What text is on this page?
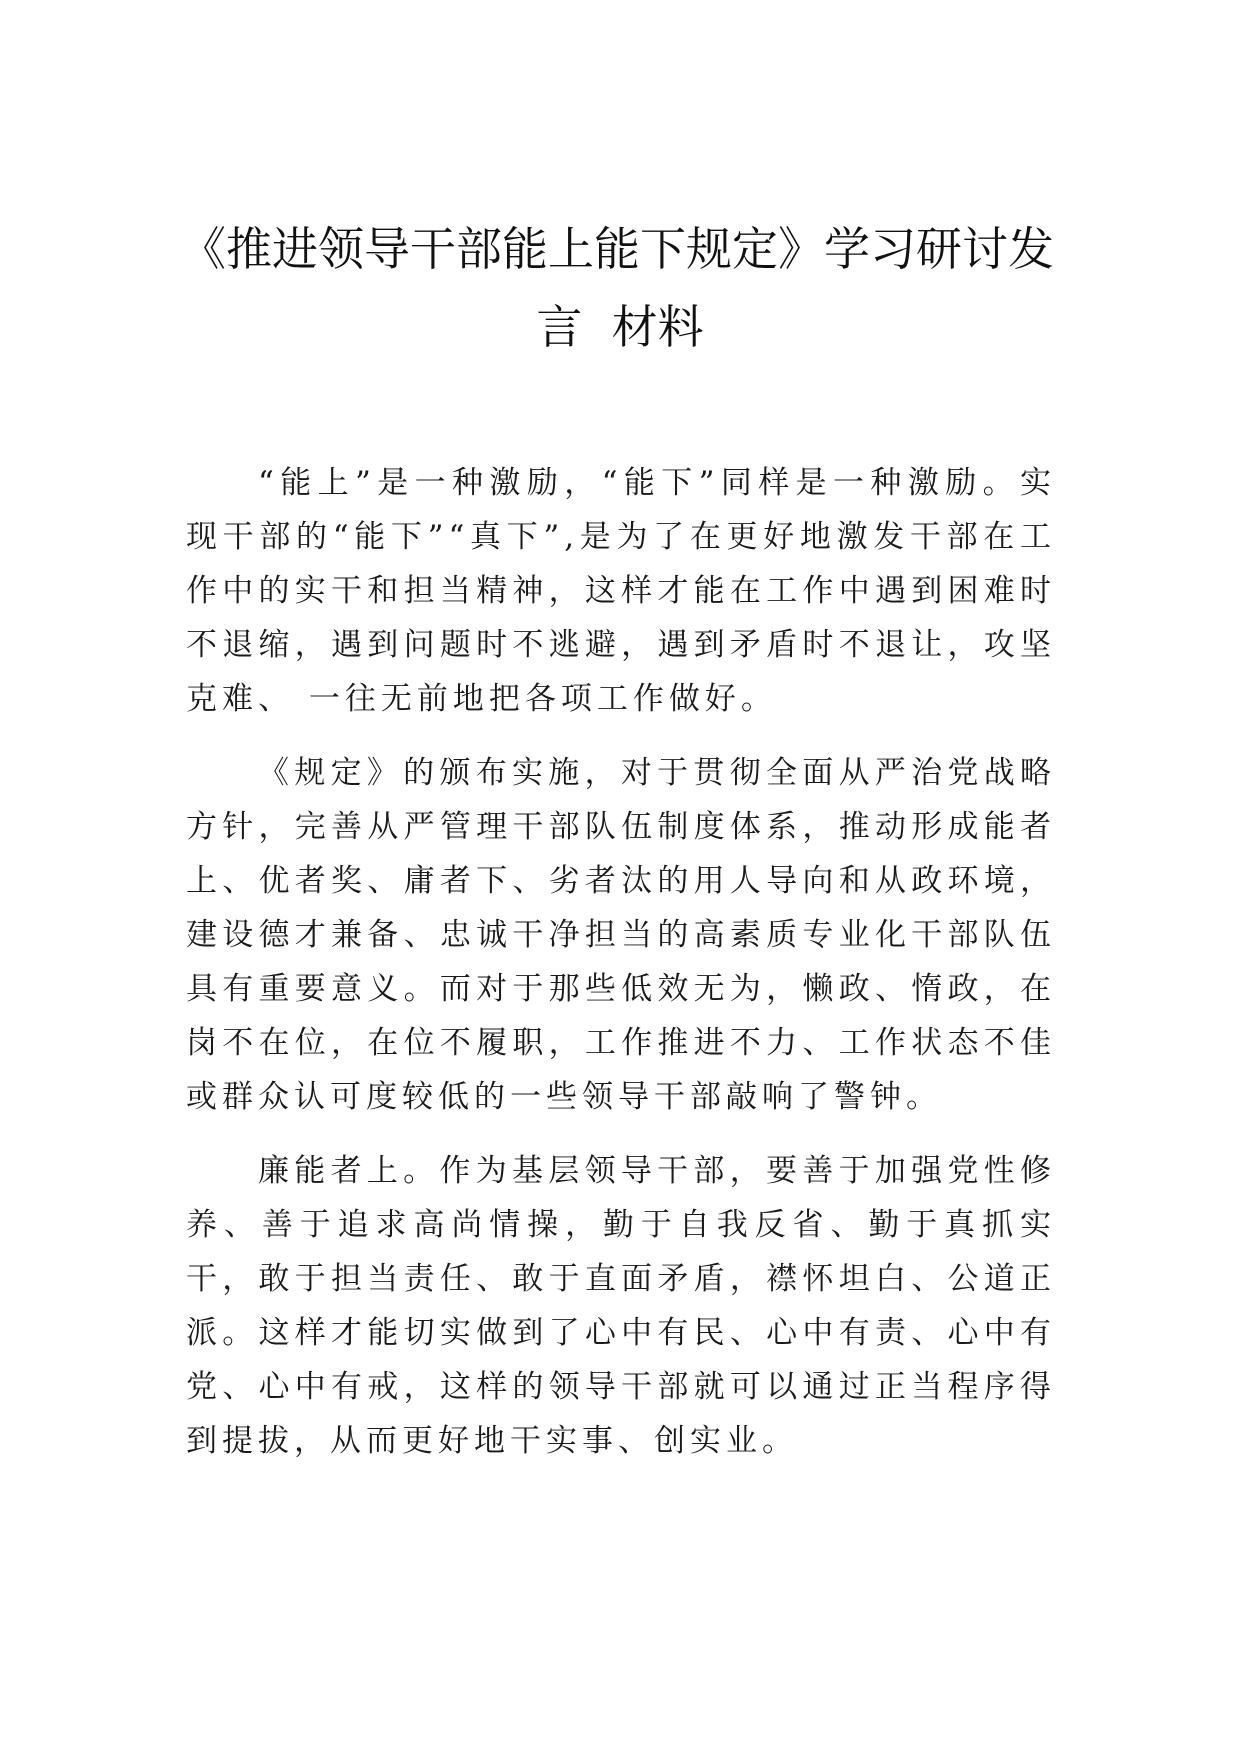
《推进领导干部能上能下规定》学习研讨发
言  材料

“能上”是一种激励，“能下”同样是一种激励。实现干部的“能下”“真下”,是为了在更好地激发干部在工作中的实干和担当精神，这样才能在工作中遇到困难时不退缩，遇到问题时不逃避，遇到矛盾时不退让，攻坚克难、 一往无前地把各项工作做好。

《规定》的颁布实施，对于贯彻全面从严治党战略方针，完善从严管理干部队伍制度体系，推动形成能者上、优者奖、庸者下、劣者汰的用人导向和从政环境，建设德才兼备、忠诚干净担当的高素质专业化干部队伍具有重要意义。而对于那些低效无为，懒政、惰政，在岗不在位，在位不履职，工作推进不力、工作状态不佳或群众认可度较低的一些领导干部敲响了警钟。

廉能者上。作为基层领导干部，要善于加强党性修养、善于追求高尚情操，勤于自我反省、勤于真抓实干，敢于担当责任、敢于直面矛盾，襟怀坦白、公道正派。这样才能切实做到了心中有民、心中有责、心中有党、心中有戒，这样的领导干部就可以通过正当程序得到提拔，从而更好地干实事、创实业。
